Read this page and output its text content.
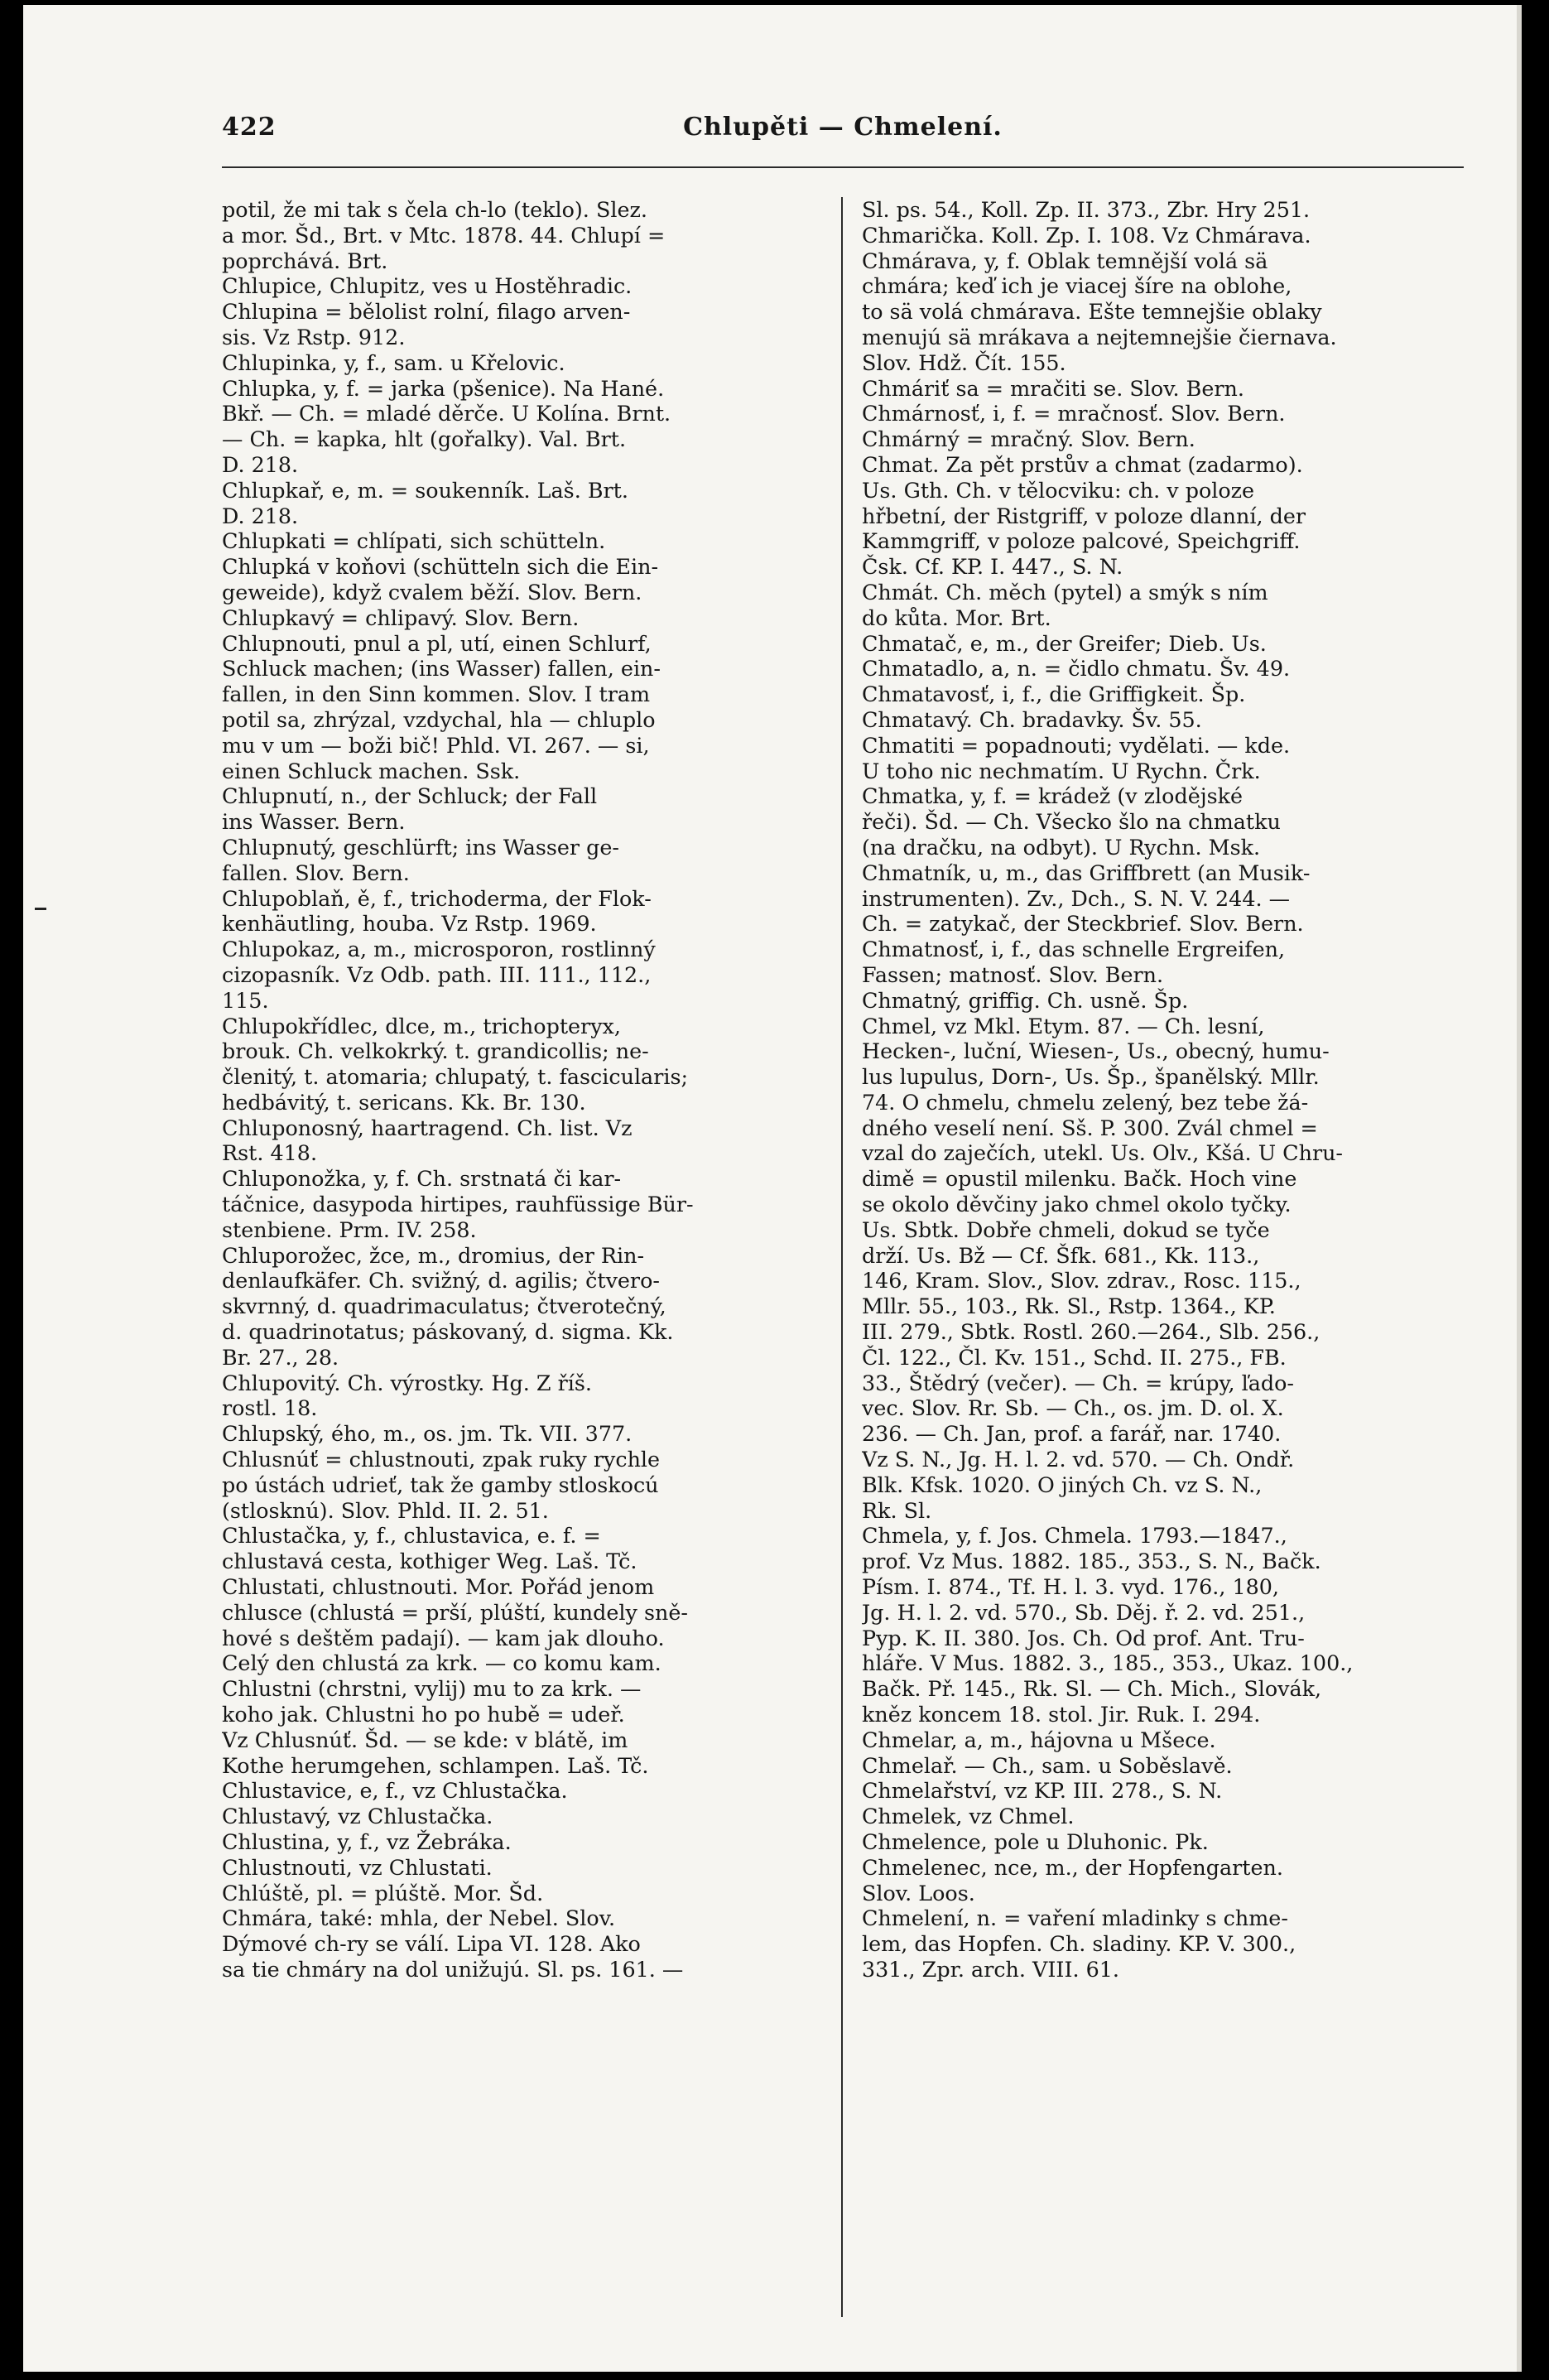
422	Chlupěti — Chmelení.
potil, že mi tak s čela ch-lo (teklo). Slez.
a mor. Šd., Brt. v Mtc. 1878. 44. Chlupí =
poprchává. Brt.
Chlupice, Chlupitz, ves u Hostěhradic.
Chlupina = bělolist rolní, filago arven-
sis. Vz Rstp. 912.
Chlupinka, y, f., sam. u Křelovic.
Chlupka, y, f. = jarka (pšenice). Na Hané.
Bkř. — Ch. = mladé děrče. U Kolína. Brnt.
— Ch. = kapka, hlt (gořalky). Val. Brt.
D. 218.
Chlupkař, e, m. = soukenník. Laš. Brt.
D. 218.
Chlupkati = chlípati, sich schütteln.
Chlupká v koňovi (schütteln sich die Ein-
geweide), když cvalem běží. Slov. Bern.
Chlupkavý = chlipavý. Slov. Bern.
Chlupnouti, pnul a pl, utí, einen Schlurf,
Schluck machen; (ins Wasser) fallen, ein-
fallen, in den Sinn kommen. Slov. I tram
potil sa, zhrýzal, vzdychal, hla — chluplo
mu v um — boži bič! Phld. VI. 267. — si,
einen Schluck machen. Ssk.
Chlupnutí, n., der Schluck; der Fall
ins Wasser. Bern.
Chlupnutý, geschlürft; ins Wasser ge-
fallen. Slov. Bern.
Chlupoblaň, ě, f., trichoderma, der Flok-
kenhäutling, houba. Vz Rstp. 1969.
Chlupokaz, a, m., microsporon, rostlinný
cizopasník. Vz Odb. path. III. 111., 112.,
115.
Chlupokřídlec, dlce, m., trichopteryx,
brouk. Ch. velkokrký. t. grandicollis; ne-
členitý, t. atomaria; chlupatý, t. fascicularis;
hedbávitý, t. sericans. Kk. Br. 130.
Chluponosný, haartragend. Ch. list. Vz
Rst. 418.
Chluponožka, y, f. Ch. srstnatá či kar-
táčnice, dasypoda hirtipes, rauhfüssige Bür-
stenbiene. Prm. IV. 258.
Chluporožec, žce, m., dromius, der Rin-
denlaufkäfer. Ch. svižný, d. agilis; čtvero-
skvrnný, d. quadrimaculatus; čtverotečný,
d. quadrinotatus; páskovaný, d. sigma. Kk.
Br. 27., 28.
Chlupovitý. Ch. výrostky. Hg. Z říš.
rostl. 18.
Chlupský, ého, m., os. jm. Tk. VII. 377.
Chlusnúť = chlustnouti, zpak ruky rychle
po ústách udrieť, tak že gamby stloskocú
(stlosknú). Slov. Phld. II. 2. 51.
Chlustačka, y, f., chlustavica, e. f. =
chlustavá cesta, kothiger Weg. Laš. Tč.
Chlustati, chlustnouti. Mor. Pořád jenom
chlusce (chlustá = prší, plúští, kundely sně-
hové s deštěm padají). — kam jak dlouho.
Celý den chlustá za krk. — co komu kam.
Chlustni (chrstni, vylij) mu to za krk. —
koho jak. Chlustni ho po hubě = udeř.
Vz Chlusnúť. Šd. — se kde: v blátě, im
Kothe herumgehen, schlampen. Laš. Tč.
Chlustavice, e, f., vz Chlustačka.
Chlustavý, vz Chlustačka.
Chlustina, y, f., vz Žebráka.
Chlustnouti, vz Chlustati.
Chlúště, pl. = plúště. Mor. Šd.
Chmára, také: mhla, der Nebel. Slov.
Dýmové ch-ry se válí. Lipa VI. 128. Ako
sa tie chmáry na dol unižujú. Sl. ps. 161. —
Sl. ps. 54., Koll. Zp. II. 373., Zbr. Hry 251.
Chmarička. Koll. Zp. I. 108. Vz Chmárava.
Chmárava, y, f. Oblak temnější volá sä
chmára; keď ich je viacej šíre na oblohe,
to sä volá chmárava. Ešte temnejšie oblaky
menujú sä mrákava a nejtemnejšie čiernava.
Slov. Hdž. Čít. 155.
Chmáriť sa = mračiti se. Slov. Bern.
Chmárnosť, i, f. = mračnosť. Slov. Bern.
Chmárný = mračný. Slov. Bern.
Chmat. Za pět prstův a chmat (zadarmo).
Us. Gth. Ch. v tělocviku: ch. v poloze
hřbetní, der Ristgriff, v poloze dlanní, der
Kammgriff, v poloze palcové, Speichgriff.
Čsk. Cf. KP. I. 447., S. N.
Chmát. Ch. měch (pytel) a smýk s ním
do kůta. Mor. Brt.
Chmatač, e, m., der Greifer; Dieb. Us.
Chmatadlo, a, n. = čidlo chmatu. Šv. 49.
Chmatavosť, i, f., die Griffigkeit. Šp.
Chmatavý. Ch. bradavky. Šv. 55.
Chmatiti = popadnouti; vydělati. — kde.
U toho nic nechmatím. U Rychn. Črk.
Chmatka, y, f. = krádež (v zlodějské
řeči). Šd. — Ch. Všecko šlo na chmatku
(na dračku, na odbyt). U Rychn. Msk.
Chmatník, u, m., das Griffbrett (an Musik-
instrumenten). Zv., Dch., S. N. V. 244. —
Ch. = zatykač, der Steckbrief. Slov. Bern.
Chmatnosť, i, f., das schnelle Ergreifen,
Fassen; matnosť. Slov. Bern.
Chmatný, griffig. Ch. usně. Šp.
Chmel, vz Mkl. Etym. 87. — Ch. lesní,
Hecken-, luční, Wiesen-, Us., obecný, humu-
lus lupulus, Dorn-, Us. Šp., španělský. Mllr.
74. O chmelu, chmelu zelený, bez tebe žá-
dného veselí není. Sš. P. 300. Zvál chmel =
vzal do zaječích, utekl. Us. Olv., Kšá. U Chru-
dimě = opustil milenku. Bačk. Hoch vine
se okolo děvčiny jako chmel okolo tyčky.
Us. Sbtk. Dobře chmeli, dokud se tyče
drží. Us. Bž — Cf. Šfk. 681., Kk. 113.,
146, Kram. Slov., Slov. zdrav., Rosc. 115.,
Mllr. 55., 103., Rk. Sl., Rstp. 1364., KP.
III. 279., Sbtk. Rostl. 260.—264., Slb. 256.,
Čl. 122., Čl. Kv. 151., Schd. II. 275., FB.
33., Štědrý (večer). — Ch. = krúpy, ľado-
vec. Slov. Rr. Sb. — Ch., os. jm. D. ol. X.
236. — Ch. Jan, prof. a farář, nar. 1740.
Vz S. N., Jg. H. l. 2. vd. 570. — Ch. Ondř.
Blk. Kfsk. 1020. O jiných Ch. vz S. N.,
Rk. Sl.
Chmela, y, f. Jos. Chmela. 1793.—1847.,
prof. Vz Mus. 1882. 185., 353., S. N., Bačk.
Písm. I. 874., Tf. H. l. 3. vyd. 176., 180,
Jg. H. l. 2. vd. 570., Sb. Děj. ř. 2. vd. 251.,
Pyp. K. II. 380. Jos. Ch. Od prof. Ant. Tru-
hláře. V Mus. 1882. 3., 185., 353., Ukaz. 100.,
Bačk. Př. 145., Rk. Sl. — Ch. Mich., Slovák,
kněz koncem 18. stol. Jir. Ruk. I. 294.
Chmelar, a, m., hájovna u Mšece.
Chmelař. — Ch., sam. u Soběslavě.
Chmelařství, vz KP. III. 278., S. N.
Chmelek, vz Chmel.
Chmelence, pole u Dluhonic. Pk.
Chmelenec, nce, m., der Hopfengarten.
Slov. Loos.
Chmelení, n. = vaření mladinky s chme-
lem, das Hopfen. Ch. sladiny. KP. V. 300.,
331., Zpr. arch. VIII. 61.
